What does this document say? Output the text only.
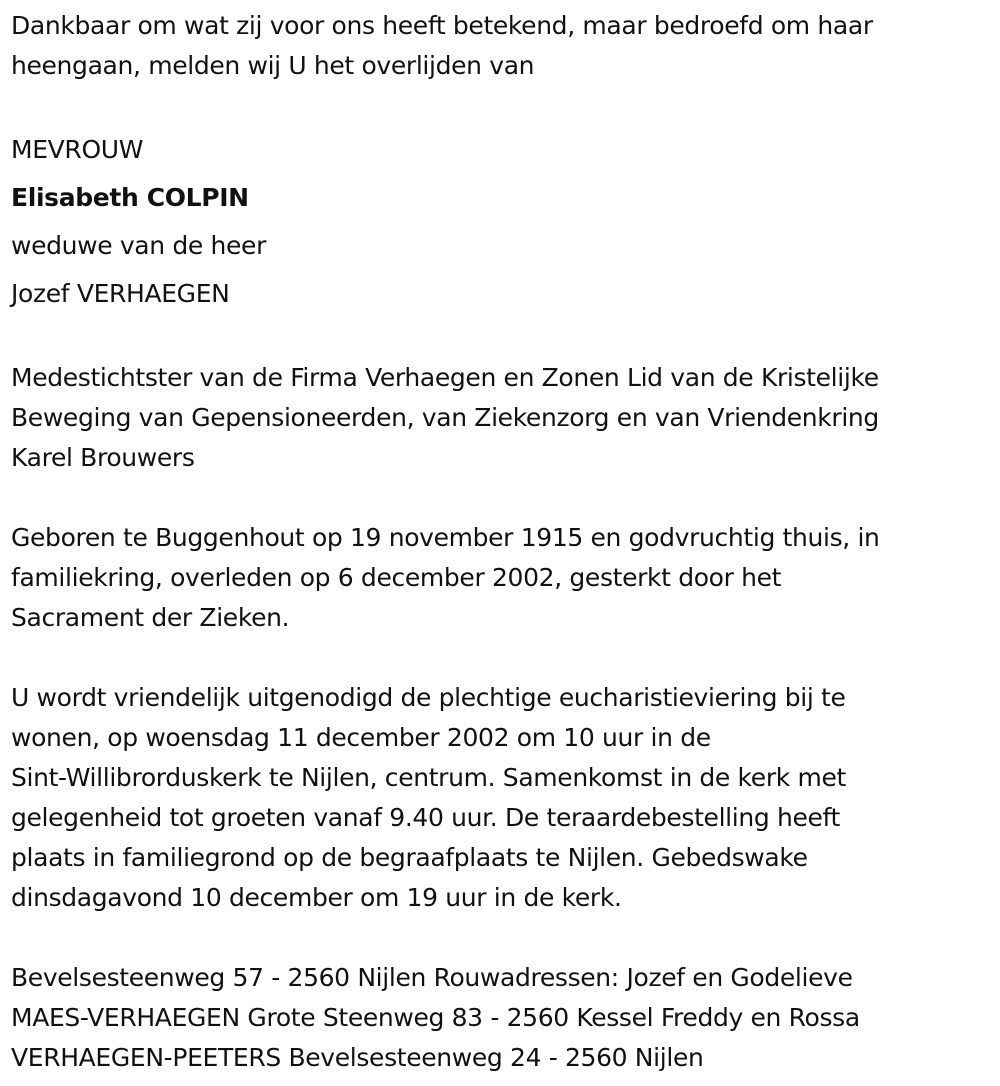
Dankbaar om wat zij voor ons heeft betekend, maar bedroefd om haar
heengaan, melden wij U het overlijden van

MEVROUW

Elisabeth COLPIN

weduwe van de heer

Jozef VERHAEGEN

Medestichtster van de Firma Verhaegen en Zonen Lid van de Kristelijke
Beweging van Gepensioneerden, van Ziekenzorg en van Vriendenkring
Karel Brouwers

Geboren te Buggenhout op 19 november 1915 en godvruchtig thuis, in
familiekring, overleden op 6 december 2002, gesterkt door het
Sacrament der Zieken.

U wordt vriendelijk uitgenodigd de plechtige eucharistieviering bij te
wonen, op woensdag 11 december 2002 om 10 uur in de
Sint-Willibrorduskerk te Nijlen, centrum. Samenkomst in de kerk met
gelegenheid tot groeten vanaf 9.40 uur. De teraardebestelling heeft
plaats in familiegrond op de begraafplaats te Nijlen. Gebedswake
dinsdagavond 10 december om 19 uur in de kerk.

Bevelsesteenweg 57 - 2560 Nijlen Rouwadressen: Jozef en Godelieve
MAES-VERHAEGEN Grote Steenweg 83 - 2560 Kessel Freddy en Rossa
VERHAEGEN-PEETERS Bevelsesteenweg 24 - 2560 Nijlen
